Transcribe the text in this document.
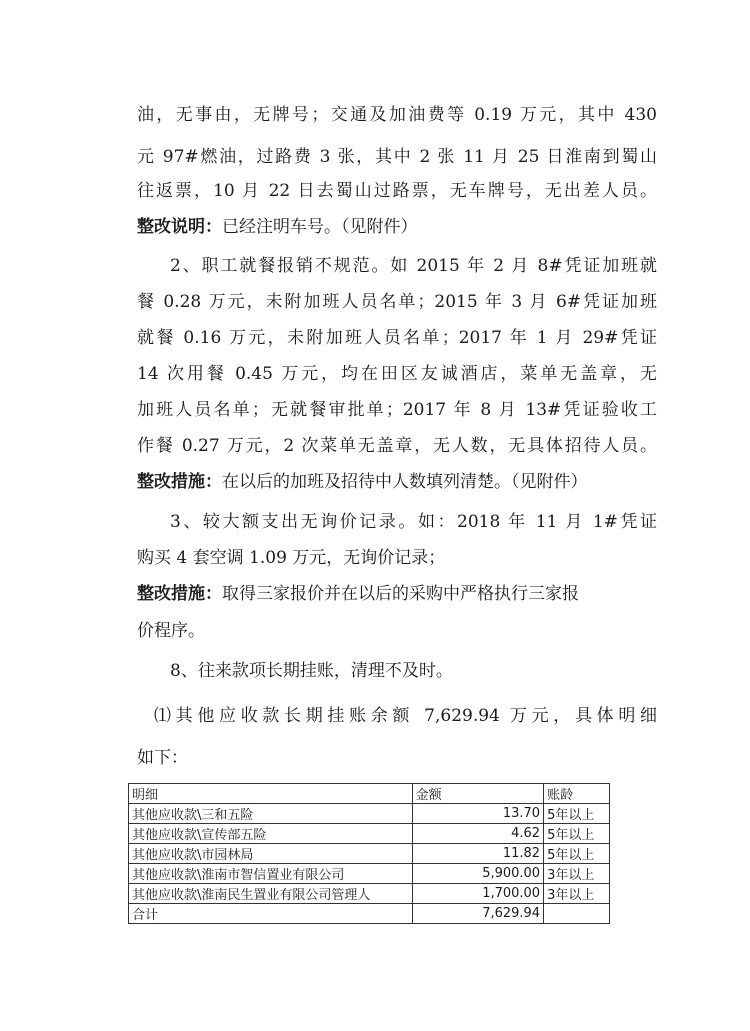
油，无事由，无牌号；交通及加油费等 0.19 万元，其中 430
元 97#燃油，过路费 3 张，其中 2 张 11 月 25 日淮南到蜀山
往返票，10 月 22 日去蜀山过路票，无车牌号，无出差人员。
整改说明：已经注明车号。（见附件）
2、职工就餐报销不规范。如 2015 年 2 月 8#凭证加班就
餐 0.28 万元，未附加班人员名单；2015 年 3 月 6#凭证加班
就餐 0.16 万元，未附加班人员名单；2017 年 1 月 29#凭证
14 次用餐 0.45 万元，均在田区友诚酒店，菜单无盖章，无
加班人员名单；无就餐审批单；2017 年 8 月 13#凭证验收工
作餐 0.27 万元，2 次菜单无盖章，无人数，无具体招待人员。
整改措施：在以后的加班及招待中人数填列清楚。（见附件）
3、较大额支出无询价记录。如：2018 年 11 月 1#凭证
购买 4 套空调 1.09 万元，无询价记录；
整改措施：取得三家报价并在以后的采购中严格执行三家报
价程序。
8、往来款项长期挂账，清理不及时。
⑴其他应收款长期挂账余额 7,629.94 万元，具体明细
如下：
明细	金额	账龄
其他应收款\三和五险	13.70	5年以上
其他应收款\宣传部五险	4.62	5年以上
其他应收款\市园林局	11.82	5年以上
其他应收款\淮南市智信置业有限公司	5,900.00	3年以上
其他应收款\淮南民生置业有限公司管理人	1,700.00	3年以上
合计	7,629.94	
